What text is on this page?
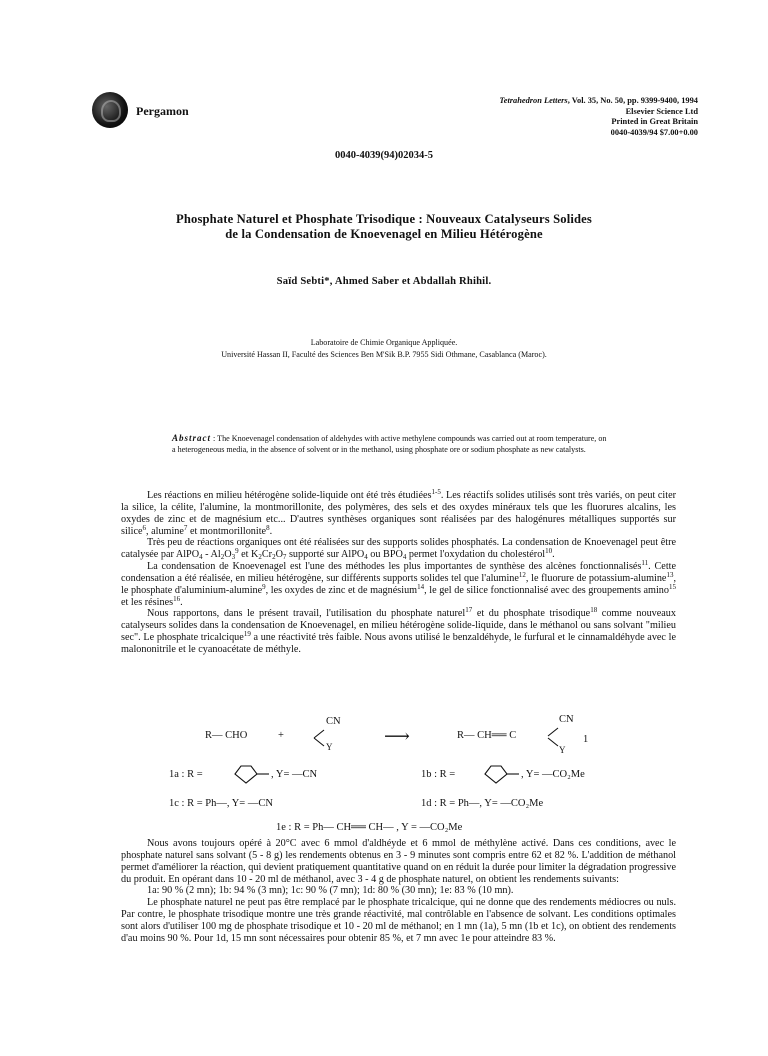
Pergamon
Tetrahedron Letters, Vol. 35, No. 50, pp. 9399-9400, 1994
Elsevier Science Ltd
Printed in Great Britain
0040-4039/94 $7.00+0.00
0040-4039(94)02034-5
Phosphate Naturel et Phosphate Trisodique : Nouveaux Catalyseurs Solides
de la Condensation de Knoevenagel en Milieu Hétérogène
Saïd Sebti*, Ahmed Saber et Abdallah Rhihil.
Laboratoire de Chimie Organique Appliquée.
Université Hassan II, Faculté des Sciences Ben M'Sik B.P. 7955 Sidi Othmane, Casablanca (Maroc).
Abstract : The Knoevenagel condensation of aldehydes with active methylene compounds was carried out at room temperature, on a heterogeneous media, in the absence of solvent or in the methanol, using phosphate ore or sodium phosphate as new catalysts.

Les réactions en milieu hétérogène solide-liquide ont été très étudiées$^{1-5}$. Les réactifs solides utilisés sont très variés, on peut citer la silice, la célite, l'alumine, la montmorillonite, des polymères, des sels et des oxydes minéraux tels que les fluorures alcalins, les oxydes de zinc et de magnésium etc... D'autres synthèses organiques sont réalisées par des halogénures métalliques supportés sur silice$^6$, alumine$^7$ et montmorillonite$^8$.

Très peu de réactions organiques ont été réalisées sur des supports solides phosphatés. La condensation de Knoevenagel peut être catalysée par AlPO$_4$ - $Al_2O_3^9$ et $K_2Cr_2O_7$ supporté sur AlPO$_4$ ou $BPO_4$ permet l'oxydation du cholestérol$^{10}$.

La condensation de Knoevenagel est l'une des méthodes les plus importantes de synthèse des alcènes fonctionnalisés$^{11}$. Cette condensation a été réalisée, en milieu hétérogène, sur différents supports solides tel que l'alumine$^{12}$, le fluorure de potassium-alumine$^{13}$, le phosphate d'aluminium-alumine$^9$, les oxydes de zinc et de magnésium$^{14}$, le gel de silice fonctionnalisé avec des groupements amino$^{15}$ et les résines$^{16}$.

Nous rapportons, dans le présent travail, l'utilisation du phosphate naturel$^{17}$ et du phosphate trisodique$^{18}$ comme nouveaux catalyseurs solides dans la condensation de Knoevenagel, en milieu hétérogène solide-liquide, dans le méthanol ou sans solvant "milieu sec". Le phosphate tricalcique$^{19}$ a une réactivité très faible. Nous avons utilisé le benzaldéhyde, le furfural et le cinnamaldéhyde avec le malononitrile et le cyanoacétate de méthyle.

R— CHO	+
CN
Y
⟶	R— CH══ C
CN
Y
1
1a : R =	, Y= —CN	1b : R =	, Y= —CO₂Me
1c : R = Ph—, Y= —CN	1d : R = Ph—, Y= —CO₂Me
1e : R = Ph— CH══ CH— , Y = —CO₂Me

Nous avons toujours opéré à 20°C avec 6 mmol d'aldhéyde et 6 mmol de méthylène activé. Dans ces conditions, avec le phosphate naturel sans solvant (5 - 8 g) les rendements obtenus en 3 - 9 minutes sont compris entre 62 et 82 %. L'addition de méthanol permet d'améliorer la réaction, qui devient pratiquement quantitative quand on en réduit la durée pour limiter la dégradation progressive du produit. En opérant dans 10 - 20 ml de méthanol, avec 3 - 4 g de phosphate naturel, on obtient les rendements suivants:

1a: 90 % (2 mn); 1b: 94 % (3 mn); 1c: 90 % (7 mn); 1d: 80 % (30 mn); 1e: 83 % (10 mn).

Le phosphate naturel ne peut pas être remplacé par le phosphate tricalcique, qui ne donne que des rendements médiocres ou nuls. Par contre, le phosphate trisodique montre une très grande réactivité, mal contrôlable en l'absence de solvant. Les conditions optimales sont alors d'utiliser 100 mg de phosphate trisodique et 10 - 20 ml de méthanol; en 1 mn (1a), 5 mn (1b et 1c), on obtient des rendements d'au moins 90 %. Pour 1d, 15 mn sont nécessaires pour obtenir 85 %, et 7 mn avec 1e pour atteindre 83 %.
